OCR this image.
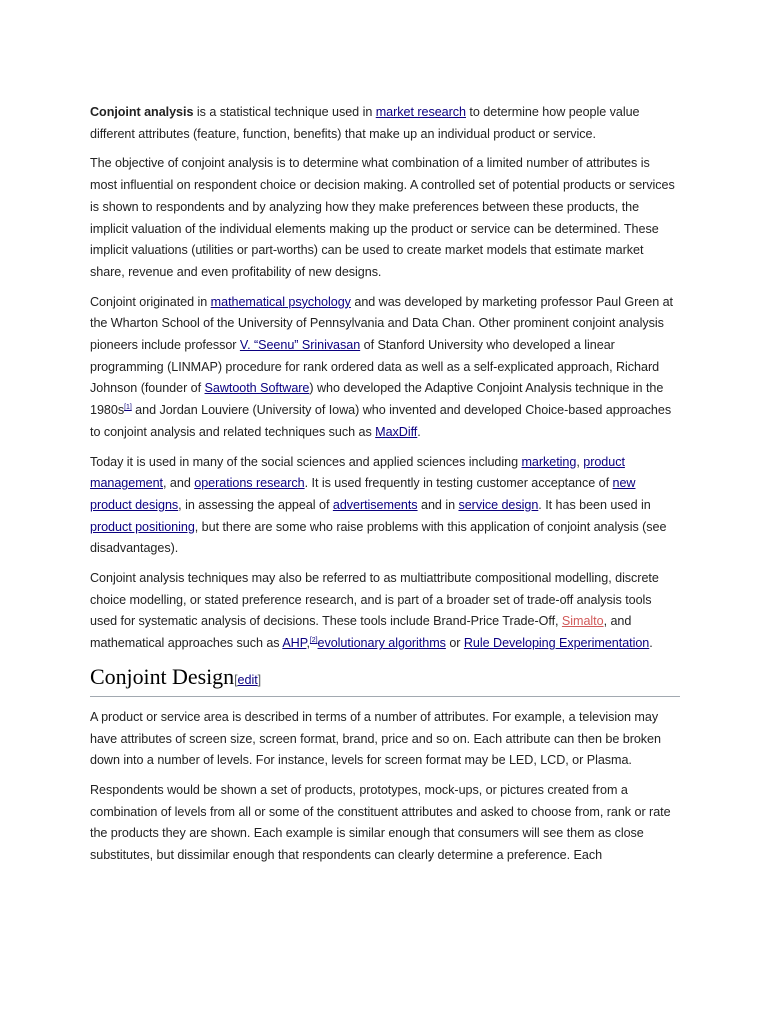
Conjoint analysis is a statistical technique used in market research to determine how people value different attributes (feature, function, benefits) that make up an individual product or service.

The objective of conjoint analysis is to determine what combination of a limited number of attributes is most influential on respondent choice or decision making. A controlled set of potential products or services is shown to respondents and by analyzing how they make preferences between these products, the implicit valuation of the individual elements making up the product or service can be determined. These implicit valuations (utilities or part-worths) can be used to create market models that estimate market share, revenue and even profitability of new designs.

Conjoint originated in mathematical psychology and was developed by marketing professor Paul Green at the Wharton School of the University of Pennsylvania and Data Chan. Other prominent conjoint analysis pioneers include professor V. “Seenu” Srinivasan of Stanford University who developed a linear programming (LINMAP) procedure for rank ordered data as well as a self-explicated approach, Richard Johnson (founder of Sawtooth Software) who developed the Adaptive Conjoint Analysis technique in the 1980s[1] and Jordan Louviere (University of Iowa) who invented and developed Choice-based approaches to conjoint analysis and related techniques such as MaxDiff.

Today it is used in many of the social sciences and applied sciences including marketing, product management, and operations research. It is used frequently in testing customer acceptance of new product designs, in assessing the appeal of advertisements and in service design. It has been used in product positioning, but there are some who raise problems with this application of conjoint analysis (see disadvantages).

Conjoint analysis techniques may also be referred to as multiattribute compositional modelling, discrete choice modelling, or stated preference research, and is part of a broader set of trade-off analysis tools used for systematic analysis of decisions. These tools include Brand-Price Trade-Off, Simalto, and mathematical approaches such as AHP,[2]evolutionary algorithms or Rule Developing Experimentation.

Conjoint Design[edit]

A product or service area is described in terms of a number of attributes. For example, a television may have attributes of screen size, screen format, brand, price and so on. Each attribute can then be broken down into a number of levels. For instance, levels for screen format may be LED, LCD, or Plasma.

Respondents would be shown a set of products, prototypes, mock-ups, or pictures created from a combination of levels from all or some of the constituent attributes and asked to choose from, rank or rate the products they are shown. Each example is similar enough that consumers will see them as close substitutes, but dissimilar enough that respondents can clearly determine a preference. Each
